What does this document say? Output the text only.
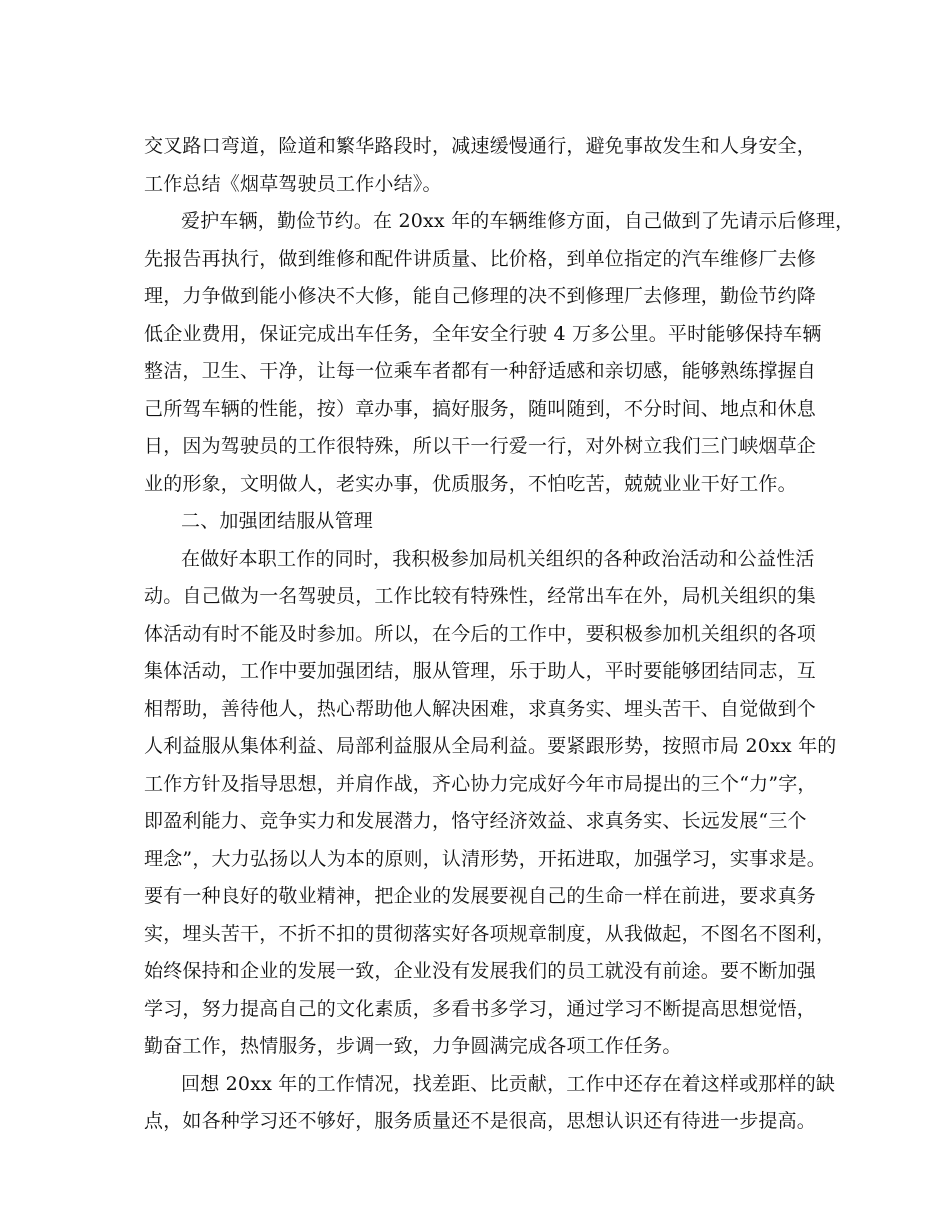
交叉路口弯道，险道和繁华路段时，减速缓慢通行，避免事故发生和人身安全，
工作总结《烟草驾驶员工作小结》。
爱护车辆，勤俭节约。在 20xx 年的车辆维修方面，自己做到了先请示后修理，
先报告再执行，做到维修和配件讲质量、比价格，到单位指定的汽车维修厂去修
理，力争做到能小修决不大修，能自己修理的决不到修理厂去修理，勤俭节约降
低企业费用，保证完成出车任务，全年安全行驶 4 万多公里。平时能够保持车辆
整洁，卫生、干净，让每一位乘车者都有一种舒适感和亲切感，能够熟练撑握自
己所驾车辆的性能，按）章办事，搞好服务，随叫随到，不分时间、地点和休息
日，因为驾驶员的工作很特殊，所以干一行爱一行，对外树立我们三门峡烟草企
业的形象，文明做人，老实办事，优质服务，不怕吃苦，兢兢业业干好工作。
二、加强团结服从管理
在做好本职工作的同时，我积极参加局机关组织的各种政治活动和公益性活
动。自己做为一名驾驶员，工作比较有特殊性，经常出车在外，局机关组织的集
体活动有时不能及时参加。所以，在今后的工作中，要积极参加机关组织的各项
集体活动，工作中要加强团结，服从管理，乐于助人，平时要能够团结同志，互
相帮助，善待他人，热心帮助他人解决困难，求真务实、埋头苦干、自觉做到个
人利益服从集体利益、局部利益服从全局利益。要紧跟形势，按照市局 20xx 年的
工作方针及指导思想，并肩作战，齐心协力完成好今年市局提出的三个“力”字，
即盈利能力、竞争实力和发展潜力，恪守经济效益、求真务实、长远发展“三个
理念”，大力弘扬以人为本的原则，认清形势，开拓进取，加强学习，实事求是。
要有一种良好的敬业精神，把企业的发展要视自己的生命一样在前进，要求真务
实，埋头苦干，不折不扣的贯彻落实好各项规章制度，从我做起，不图名不图利，
始终保持和企业的发展一致，企业没有发展我们的员工就没有前途。要不断加强
学习，努力提高自己的文化素质，多看书多学习，通过学习不断提高思想觉悟，
勤奋工作，热情服务，步调一致，力争圆满完成各项工作任务。
回想 20xx 年的工作情况，找差距、比贡献，工作中还存在着这样或那样的缺
点，如各种学习还不够好，服务质量还不是很高，思想认识还有待进一步提高。
